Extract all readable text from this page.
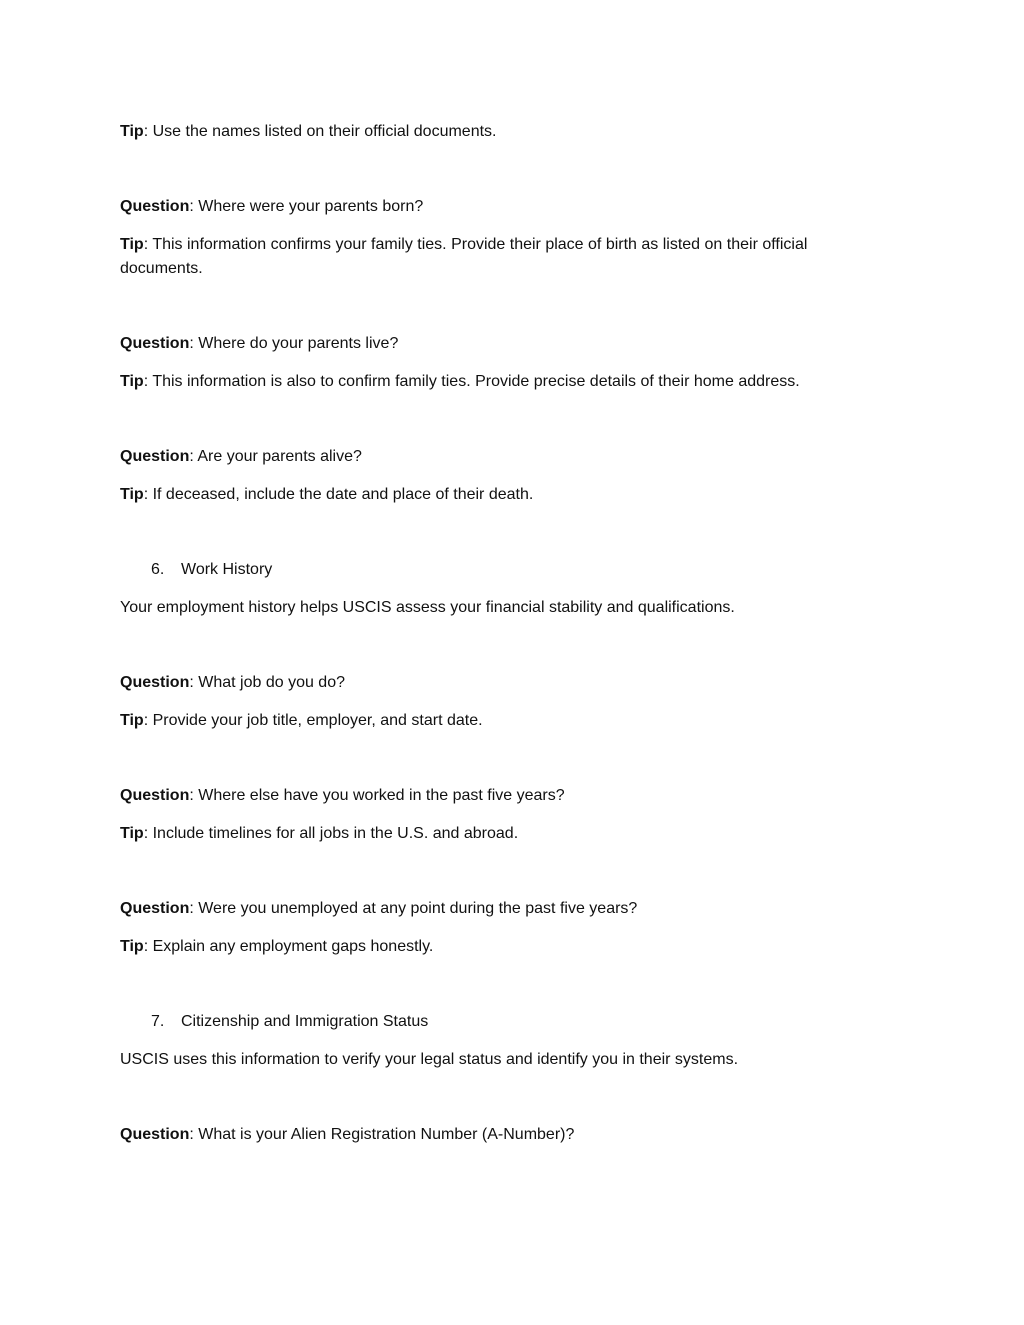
Tip: Use the names listed on their official documents.
Question: Where were your parents born?
Tip: This information confirms your family ties. Provide their place of birth as listed on their official documents.
Question: Where do your parents live?
Tip: This information is also to confirm family ties. Provide precise details of their home address.
Question: Are your parents alive?
Tip: If deceased, include the date and place of their death.
6. Work History
Your employment history helps USCIS assess your financial stability and qualifications.
Question: What job do you do?
Tip: Provide your job title, employer, and start date.
Question: Where else have you worked in the past five years?
Tip: Include timelines for all jobs in the U.S. and abroad.
Question: Were you unemployed at any point during the past five years?
Tip: Explain any employment gaps honestly.
7. Citizenship and Immigration Status
USCIS uses this information to verify your legal status and identify you in their systems.
Question: What is your Alien Registration Number (A-Number)?
